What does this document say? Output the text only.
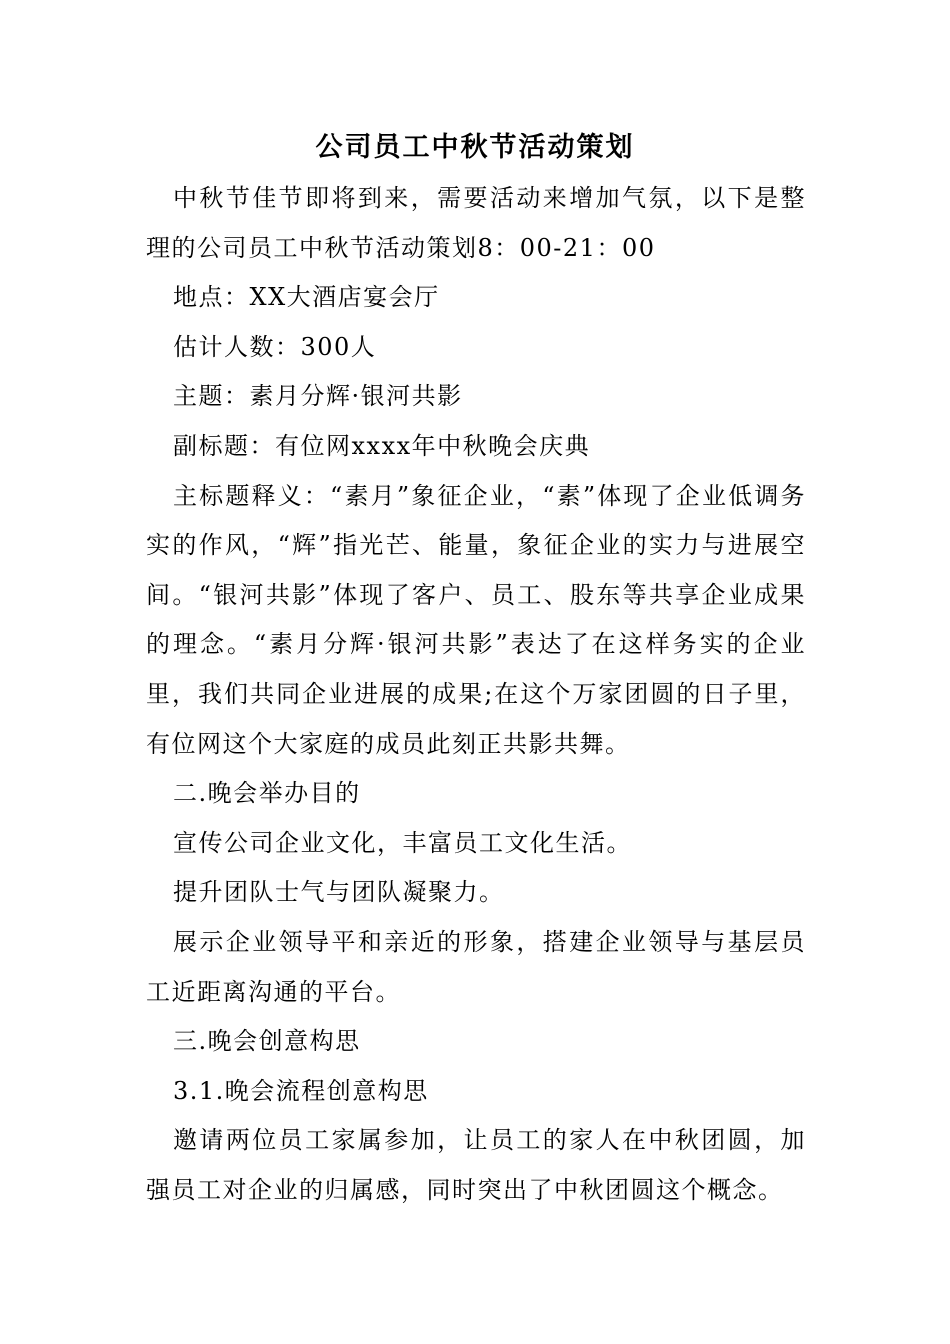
公司员工中秋节活动策划

中秋节佳节即将到来，需要活动来增加气氛，以下是整理的公司员工中秋节活动策划8：00-21：00

地点：XX大酒店宴会厅

估计人数：300人

主题：素月分辉·银河共影

副标题：有位网xxxx年中秋晚会庆典

主标题释义：“素月”象征企业，“素”体现了企业低调务实的作风，“辉”指光芒、能量，象征企业的实力与进展空间。“银河共影”体现了客户、员工、股东等共享企业成果的理念。“素月分辉·银河共影”表达了在这样务实的企业里，我们共同企业进展的成果;在这个万家团圆的日子里，有位网这个大家庭的成员此刻正共影共舞。

二.晚会举办目的

宣传公司企业文化，丰富员工文化生活。

提升团队士气与团队凝聚力。

展示企业领导平和亲近的形象，搭建企业领导与基层员工近距离沟通的平台。

三.晚会创意构思

3.1.晚会流程创意构思

邀请两位员工家属参加，让员工的家人在中秋团圆，加强员工对企业的归属感，同时突出了中秋团圆这个概念。
